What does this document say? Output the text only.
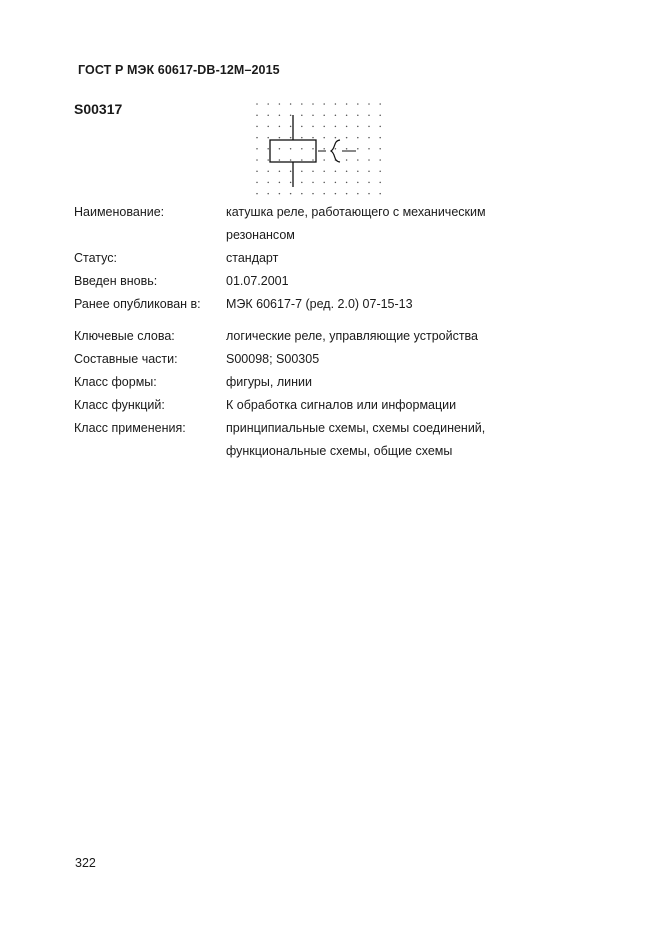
ГОСТ Р МЭК 60617-DB-12M–2015
S00317
Наименование:	катушка реле, работающего с механическим резонансом
Статус:	стандарт
Введен вновь:	01.07.2001
Ранее опубликован в:	МЭК 60617-7 (ред. 2.0) 07-15-13
Ключевые слова:	логические реле, управляющие устройства
Составные части:	S00098; S00305
Класс формы:	фигуры, линии
Класс функций:	К обработка сигналов или информации
Класс применения:	принципиальные схемы, схемы соединений, функциональные схемы, общие схемы
322
